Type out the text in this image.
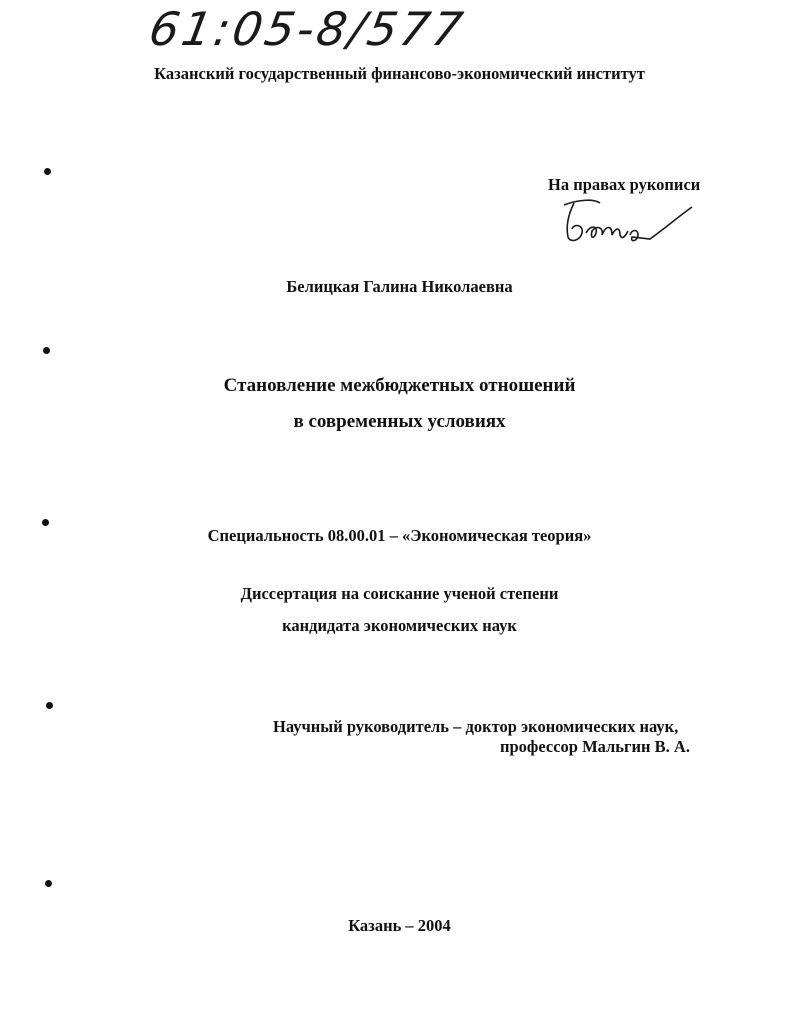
61:05-8/577
Казанский государственный финансово-экономический институт
На правах рукописи
Белицкая Галина Николаевна
Становление межбюджетных отношений
в современных условиях
Специальность 08.00.01 – «Экономическая теория»
Диссертация на соискание ученой степени
кандидата экономических наук
Научный руководитель – доктор экономических наук,
профессор Мальгин В. А.
Казань – 2004
